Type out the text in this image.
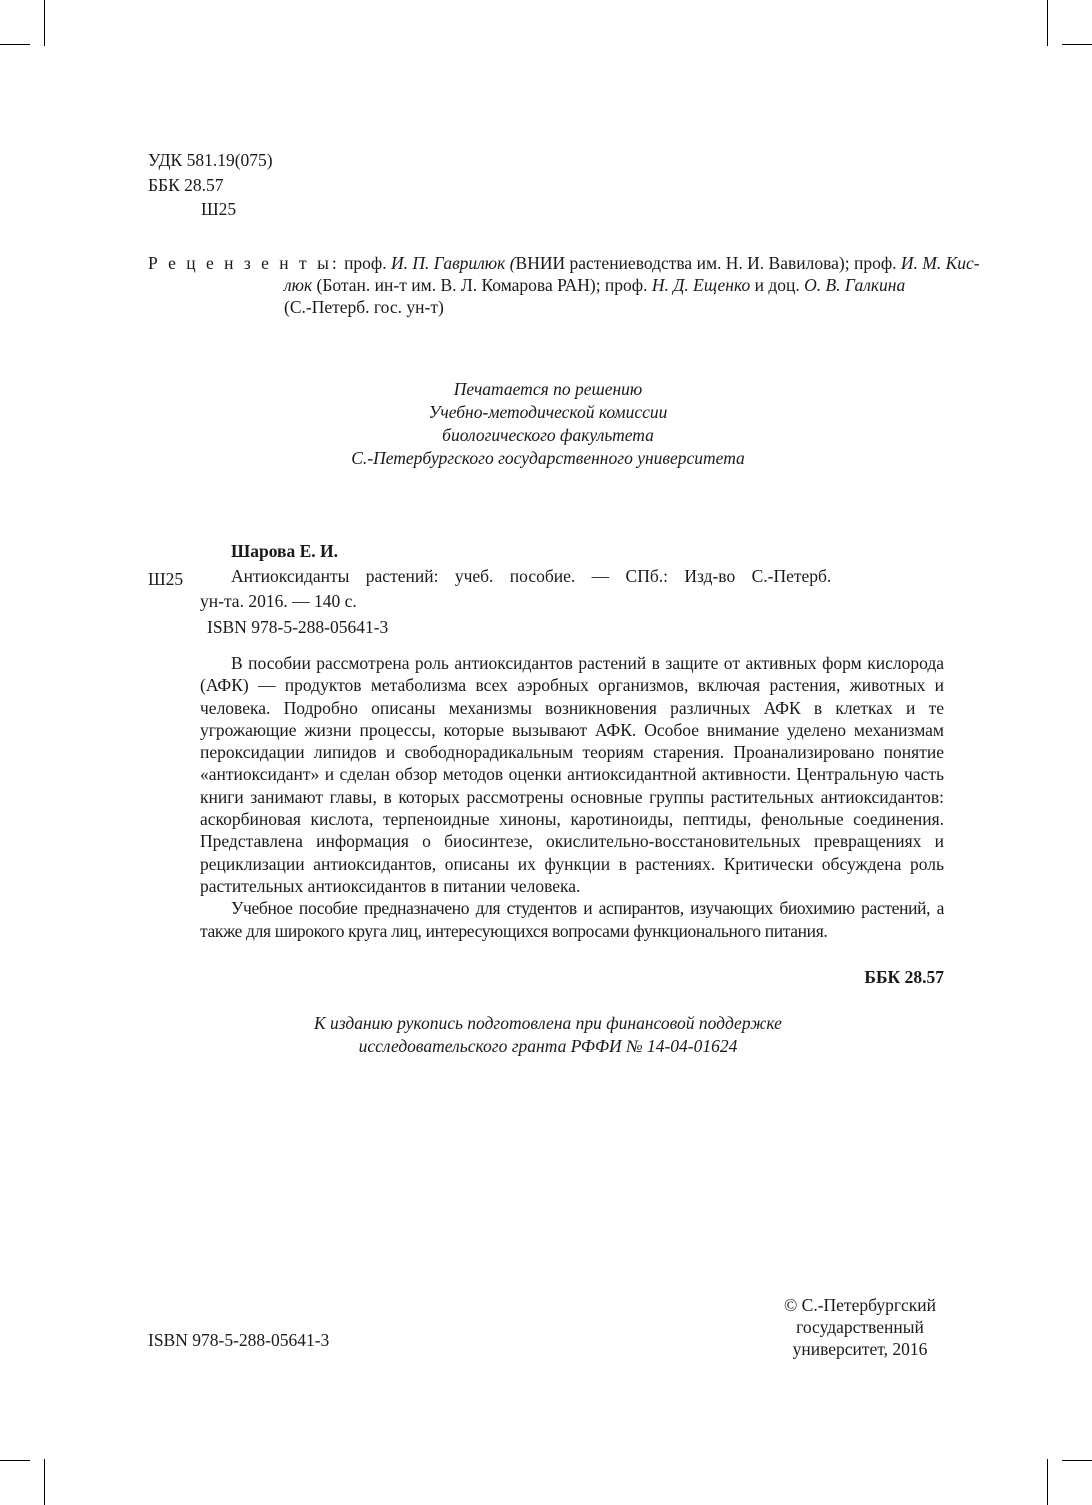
УДК 581.19(075)
ББК 28.57
Ш25
Р е ц е н з е н т ы: проф. И. П. Гаврилюк (ВНИИ растениеводства им. Н. И. Вавилова); проф. И. М. Кис-
люк (Ботан. ин-т им. В. Л. Комарова РАН); проф. Н. Д. Ещенко и доц. О. В. Галкина
(С.-Петерб. гос. ун-т)
Печатается по решению
Учебно-методической комиссии
биологического факультета
С.-Петербургского государственного университета
Шарова Е. И.
Ш25	Антиоксиданты растений: учеб. пособие. — СПб.: Изд-во С.-Петерб.
ун-та. 2016. — 140 с.
ISBN 978-5-288-05641-3

В пособии рассмотрена роль антиоксидантов растений в защите от активных форм кислорода (АФК) — продуктов метаболизма всех аэробных организмов, включая растения, животных и человека. Подробно описаны механизмы возникновения различных АФК в клетках и те угрожающие жизни процессы, которые вызывают АФК. Особое внимание уделено механизмам пероксидации липидов и свободнорадикальным теориям старения. Проанализировано понятие «антиоксидант» и сделан обзор методов оценки антиоксидантной активности. Центральную часть книги занимают главы, в которых рассмотрены основные группы растительных антиоксидантов: аскорбиновая кислота, терпеноидные хиноны, каротиноиды, пептиды, фенольные соединения. Представлена информация о биосинтезе, окислительно-восстановительных превращениях и рециклизации антиоксидантов, описаны их функции в растениях. Критически обсуждена роль растительных антиоксидантов в питании человека.

Учебное пособие предназначено для студентов и аспирантов, изучающих биохимию растений, а также для широкого круга лиц, интересующихся вопросами функционального питания.

ББК 28.57
К изданию рукопись подготовлена при финансовой поддержке
исследовательского гранта РФФИ № 14-04-01624
ISBN 978-5-288-05641-3
© С.-Петербургский
государственный
университет, 2016
